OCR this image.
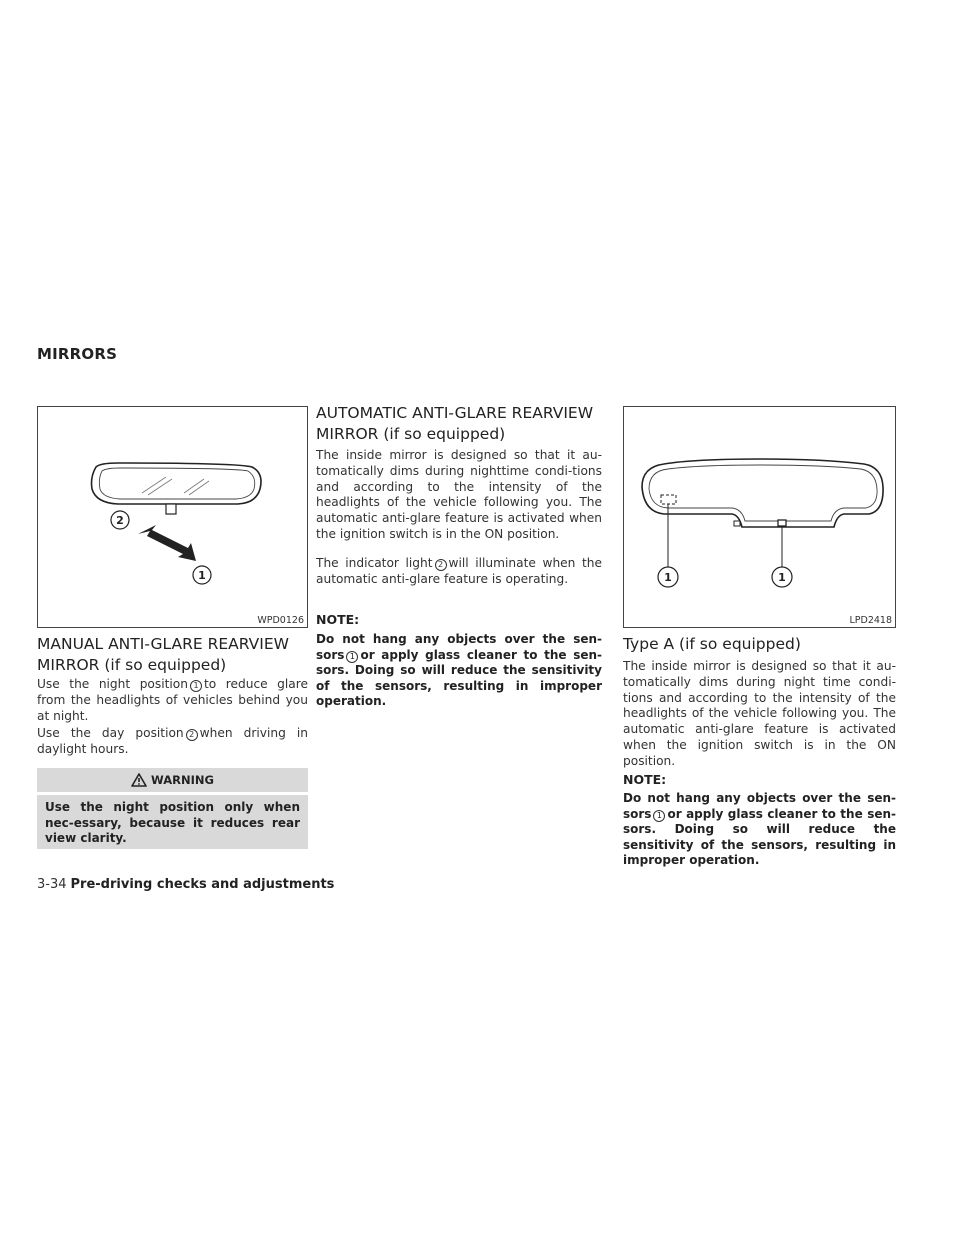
MIRRORS
2
1
WPD0126
MANUAL ANTI-GLARE REARVIEW MIRROR (if so equipped)

Use the night position 1 to reduce glare from the headlights of vehicles behind you at night.

Use the day position 2 when driving in daylight hours.

WARNING

Use the night position only when nec-essary, because it reduces rear view clarity.

AUTOMATIC ANTI-GLARE REARVIEW MIRROR (if so equipped)

The inside mirror is designed so that it au-tomatically dims during nighttime condi-tions and according to the intensity of the headlights of the vehicle following you. The automatic anti-glare feature is activated when the ignition switch is in the ON position.

The indicator light 2 will illuminate when the automatic anti-glare feature is operating.

NOTE:

Do not hang any objects over the sen-sors 1 or apply glass cleaner to the sen-sors. Doing so will reduce the sensitivity of the sensors, resulting in improper operation.

1	1
LPD2418
Type A (if so equipped)

The inside mirror is designed so that it au-tomatically dims during night time condi-tions and according to the intensity of the headlights of the vehicle following you. The automatic anti-glare feature is activated when the ignition switch is in the ON position.

NOTE:

Do not hang any objects over the sen-sors 1 or apply glass cleaner to the sen-sors. Doing so will reduce the sensitivity of the sensors, resulting in improper operation.

3-34 Pre-driving checks and adjustments
